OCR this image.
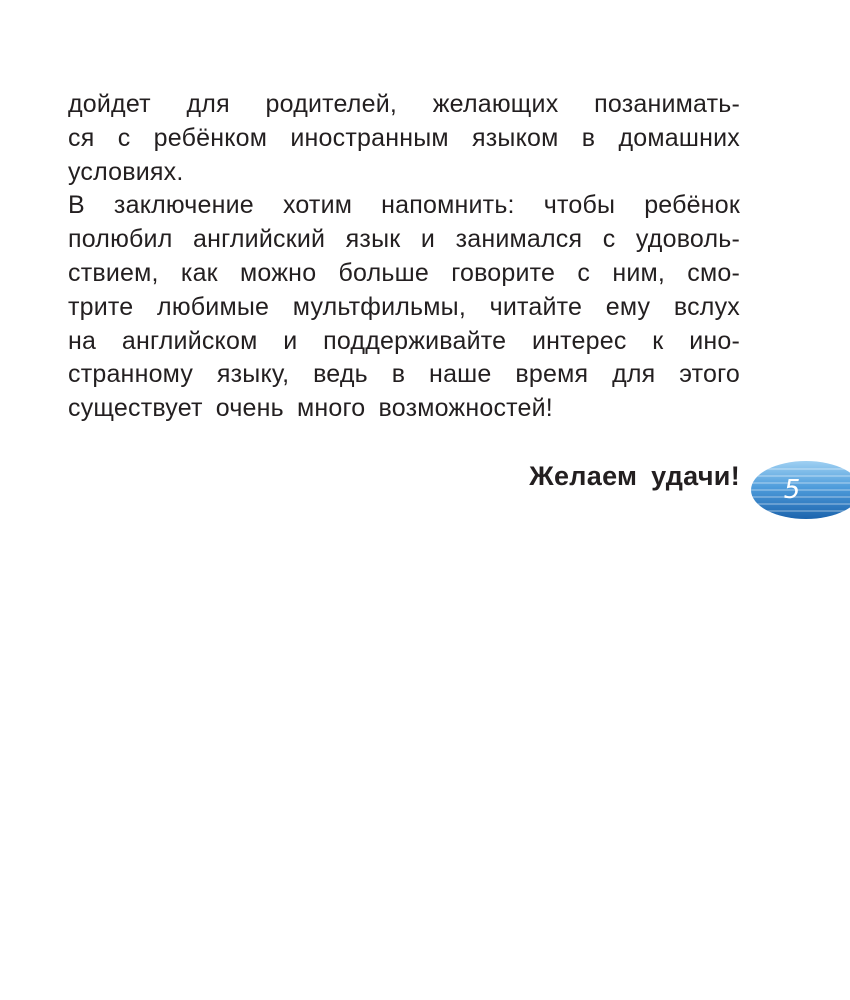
дойдет для родителей, желающих позанимать-
ся с ребёнком иностранным языком в домашних
условиях.
В заключение хотим напомнить: чтобы ребёнок
полюбил английский язык и занимался с удоволь-
ствием, как можно больше говорите с ним, смо-
трите любимые мультфильмы, читайте ему вслух
на английском и поддерживайте интерес к ино-
странному языку, ведь в наше время для этого
существует очень много возможностей!
Желаем удачи!	5
